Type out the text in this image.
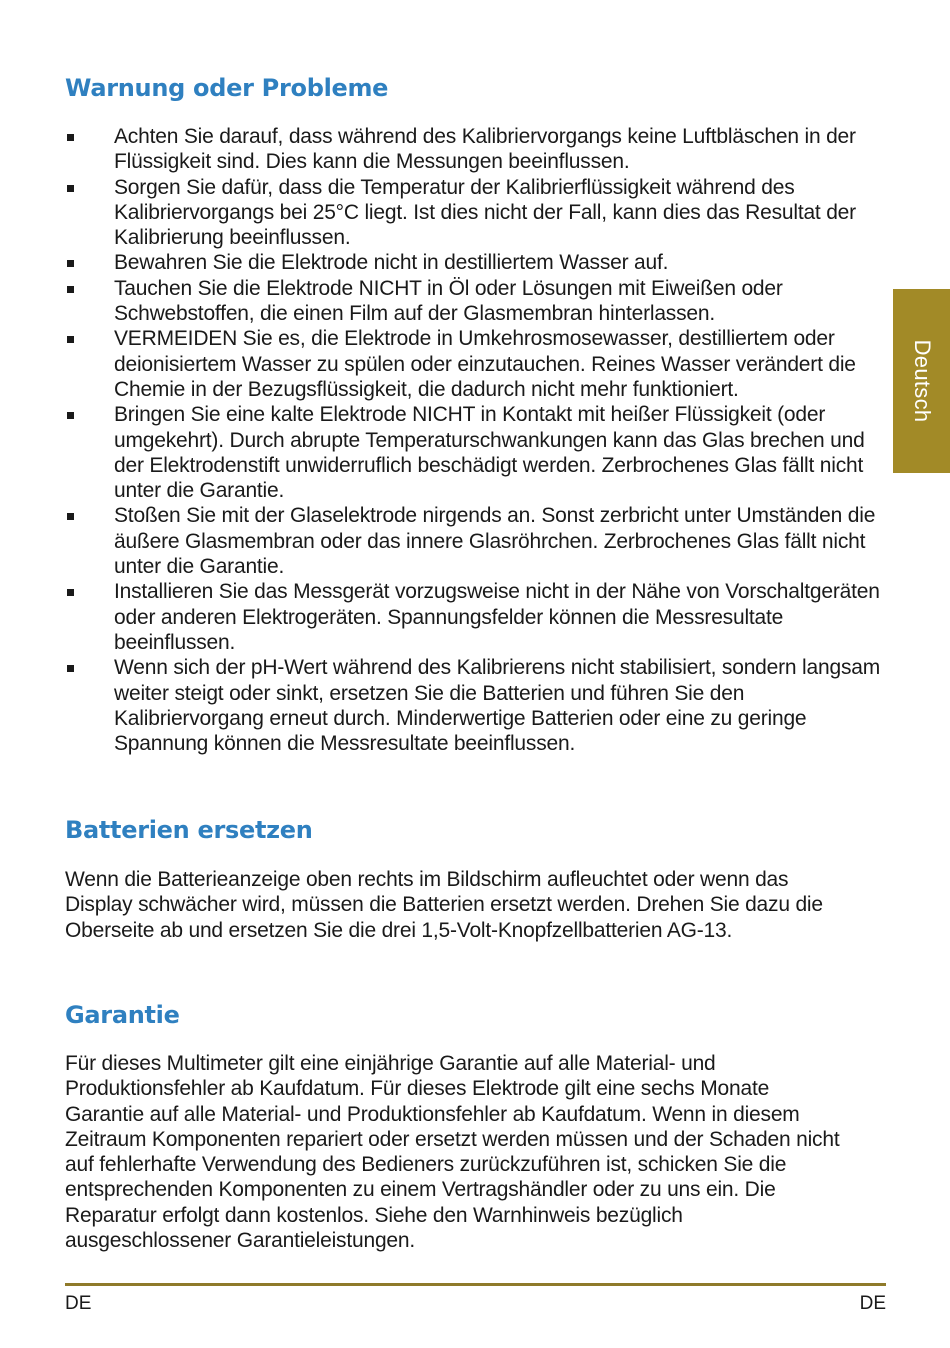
Warnung oder Probleme
Achten Sie darauf, dass während des Kalibriervorgangs keine Luftbläschen in der Flüssigkeit sind. Dies kann die Messungen beeinflussen.
Sorgen Sie dafür, dass die Temperatur der Kalibrierflüssigkeit während des Kalibriervorgangs bei 25°C liegt. Ist dies nicht der Fall, kann dies das Resultat der Kalibrierung beeinflussen.
Bewahren Sie die Elektrode nicht in destilliertem Wasser auf.
Tauchen Sie die Elektrode NICHT in Öl oder Lösungen mit Eiweißen oder Schwebstoffen, die einen Film auf der Glasmembran hinterlassen.
VERMEIDEN Sie es, die Elektrode in Umkehrosmosewasser, destilliertem oder deionisiertem Wasser zu spülen oder einzutauchen. Reines Wasser verändert die Chemie in der Bezugsflüssigkeit, die dadurch nicht mehr funktioniert.
Bringen Sie eine kalte Elektrode NICHT in Kontakt mit heißer Flüssigkeit (oder umgekehrt). Durch abrupte Temperaturschwankungen kann das Glas brechen und der Elektrodenstift unwiderruflich beschädigt werden. Zerbrochenes Glas fällt nicht unter die Garantie.
Stoßen Sie mit der Glaselektrode nirgends an. Sonst zerbricht unter Umständen die äußere Glasmembran oder das innere Glasröhrchen. Zerbrochenes Glas fällt nicht unter die Garantie.
Installieren Sie das Messgerät vorzugsweise nicht in der Nähe von Vorschaltgeräten oder anderen Elektrogeräten. Spannungsfelder können die Messresultate beeinflussen.
Wenn sich der pH-Wert während des Kalibrierens nicht stabilisiert, sondern langsam weiter steigt oder sinkt, ersetzen Sie die Batterien und führen Sie den Kalibriervorgang erneut durch. Minderwertige Batterien oder eine zu geringe Spannung können die Messresultate beeinflussen.
Batterien ersetzen

Wenn die Batterieanzeige oben rechts im Bildschirm aufleuchtet oder wenn das Display schwächer wird, müssen die Batterien ersetzt werden. Drehen Sie dazu die Oberseite ab und ersetzen Sie die drei 1,5-Volt-Knopfzellbatterien AG-13.

Garantie

Für dieses Multimeter gilt eine einjährige Garantie auf alle Material- und Produktionsfehler ab Kaufdatum. Für dieses Elektrode gilt eine sechs Monate Garantie auf alle Material- und Produktionsfehler ab Kaufdatum. Wenn in diesem Zeitraum Komponenten repariert oder ersetzt werden müssen und der Schaden nicht auf fehlerhafte Verwendung des Bedieners zurückzuführen ist, schicken Sie die entsprechenden Komponenten zu einem Vertragshändler oder zu uns ein. Die Reparatur erfolgt dann kostenlos. Siehe den Warnhinweis bezüglich ausgeschlossener Garantieleistungen.

Deutsch
DE	DE
